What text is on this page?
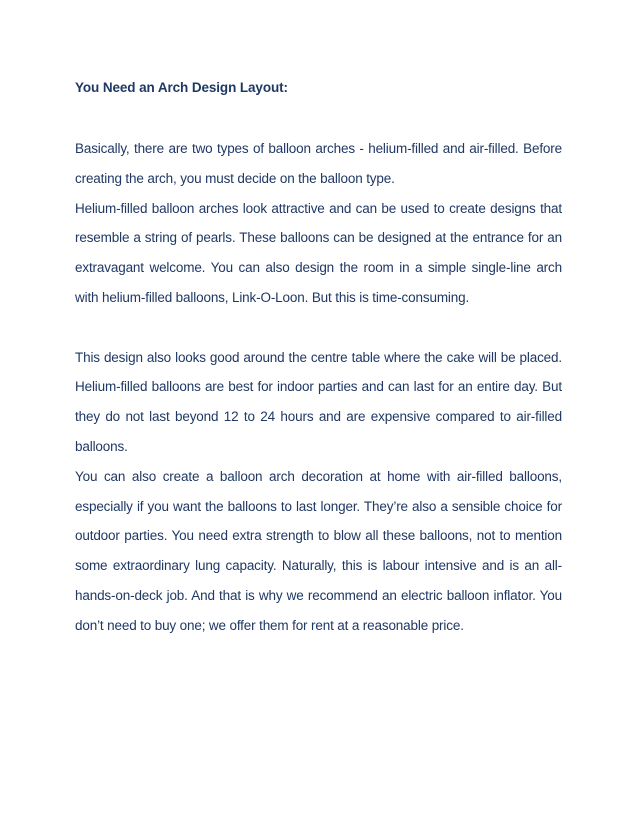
You Need an Arch Design Layout:

Basically, there are two types of balloon arches - helium-filled and air-filled. Before creating the arch, you must decide on the balloon type.

Helium-filled balloon arches look attractive and can be used to create designs that resemble a string of pearls. These balloons can be designed at the entrance for an extravagant welcome. You can also design the room in a simple single-line arch with helium-filled balloons, Link-O-Loon. But this is time-consuming.

This design also looks good around the centre table where the cake will be placed. Helium-filled balloons are best for indoor parties and can last for an entire day. But they do not last beyond 12 to 24 hours and are expensive compared to air-filled balloons.

You can also create a balloon arch decoration at home with air-filled balloons, especially if you want the balloons to last longer. They’re also a sensible choice for outdoor parties. You need extra strength to blow all these balloons, not to mention some extraordinary lung capacity. Naturally, this is labour intensive and is an all-hands-on-deck job. And that is why we recommend an electric balloon inflator. You don’t need to buy one; we offer them for rent at a reasonable price.
